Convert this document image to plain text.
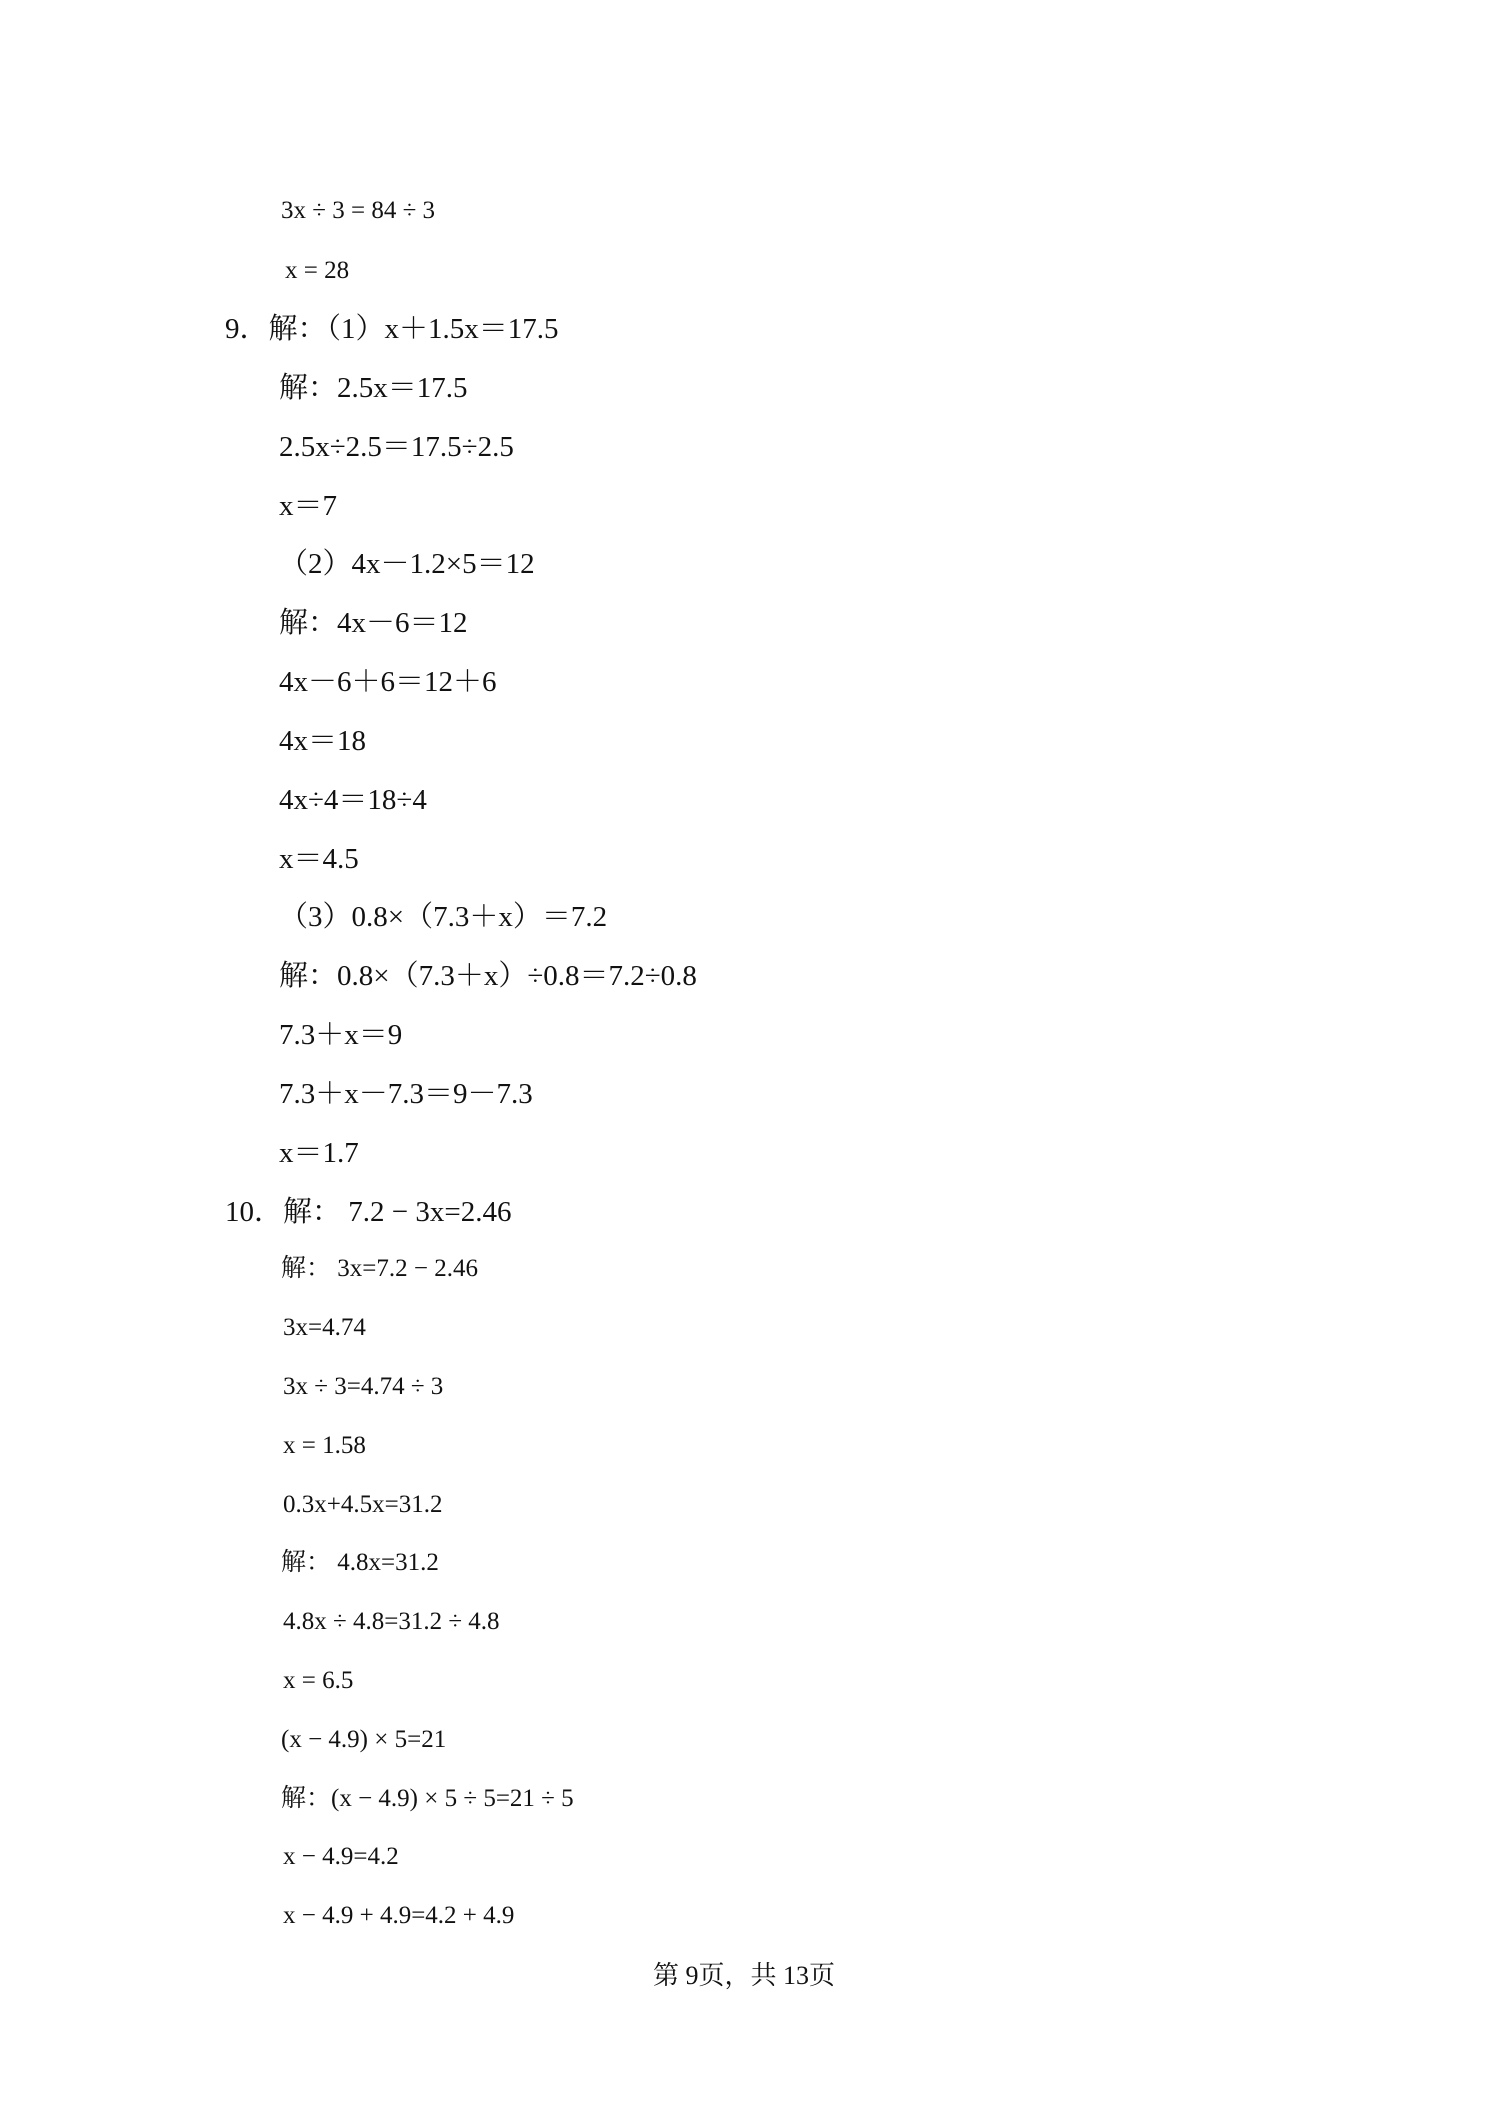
3x ÷ 3 = 84 ÷ 3
x = 28
9．解：（1）x＋1.5x＝17.5
解：2.5x＝17.5
2.5x÷2.5＝17.5÷2.5
x＝7
（2）4x－1.2×5＝12
解：4x－6＝12
4x－6＋6＝12＋6
4x＝18
4x÷4＝18÷4
x＝4.5
（3）0.8×（7.3＋x）＝7.2
解：0.8×（7.3＋x）÷0.8＝7.2÷0.8
7.3＋x＝9
7.3＋x－7.3＝9－7.3
x＝1.7
10．解： 7.2 − 3x=2.46
解： 3x=7.2 − 2.46
3x=4.74
3x ÷ 3=4.74 ÷ 3
x = 1.58
0.3x+4.5x=31.2
解： 4.8x=31.2
4.8x ÷ 4.8=31.2 ÷ 4.8
x = 6.5
(x − 4.9) × 5=21
解：(x − 4.9) × 5 ÷ 5=21 ÷ 5
x − 4.9=4.2
x − 4.9 + 4.9=4.2 + 4.9
第 9页，共 13页
